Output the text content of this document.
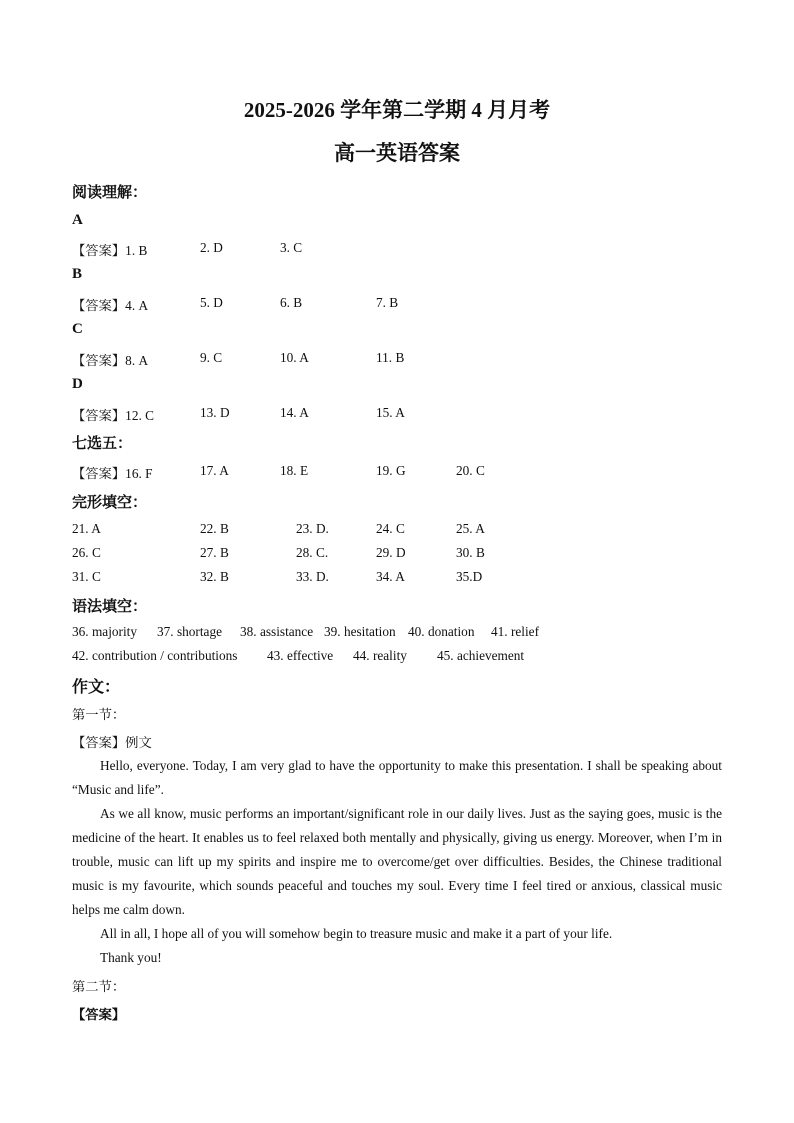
2025-2026 学年第二学期 4 月月考
高一英语答案
阅读理解：
A
【答案】1. B	2. D	3. C
B
【答案】4. A	5. D	6. B	7. B
C
【答案】8. A	9. C	10. A	11. B
D
【答案】12. C	13. D	14. A	15. A
七选五：
【答案】16. F	17. A	18. E	19. G	20. C
完形填空：
21. A	22. B	23. D.	24. C	25. A
26. C	27. B	28. C.	29. D	30. B
31. C	32. B	33. D.	34. A	35.D
语法填空：
36. majority 37. shortage 38. assistance 39. hesitation 40. donation 41. relief
42. contribution / contributions 43. effective 44. reality 45. achievement
作文：
第一节：
【答案】例文
Hello, everyone. Today, I am very glad to have the opportunity to make this presentation. I shall be speaking about “Music and life”.
As we all know, music performs an important/significant role in our daily lives. Just as the saying goes, music is the medicine of the heart. It enables us to feel relaxed both mentally and physically, giving us energy. Moreover, when I’m in trouble, music can lift up my spirits and inspire me to overcome/get over difficulties. Besides, the Chinese traditional music is my favourite, which sounds peaceful and touches my soul. Every time I feel tired or anxious, classical music helps me calm down.
All in all, I hope all of you will somehow begin to treasure music and make it a part of your life.
Thank you!
第二节：
【答案】
